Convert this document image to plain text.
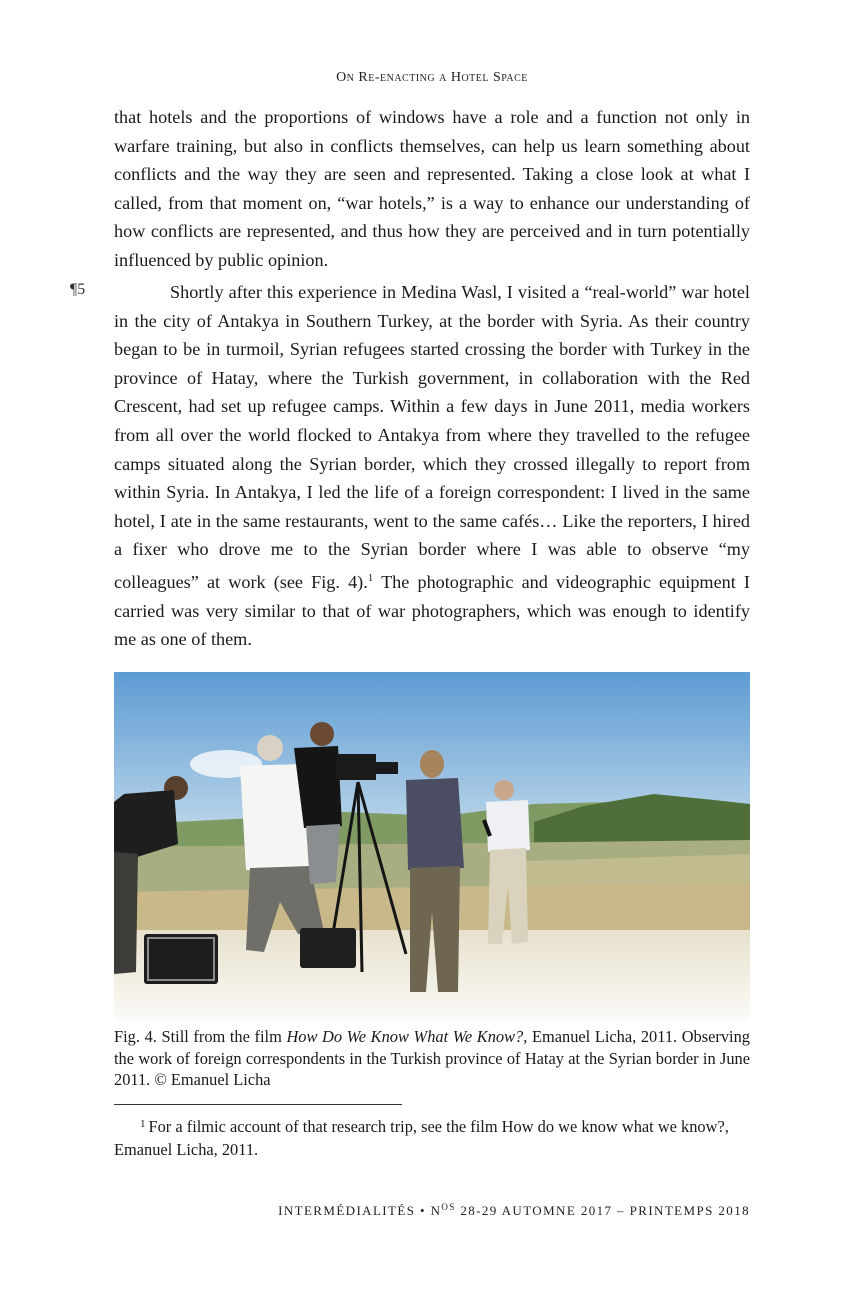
On Re-enacting a Hotel Space

that hotels and the proportions of windows have a role and a function not only in warfare training, but also in conflicts themselves, can help us learn something about conflicts and the way they are seen and represented. Taking a close look at what I called, from that moment on, “war hotels,” is a way to enhance our understanding of how conflicts are represented, and thus how they are perceived and in turn potentially influenced by public opinion.

¶5	Shortly after this experience in Medina Wasl, I visited a “real-world” war hotel in the city of Antakya in Southern Turkey, at the border with Syria. As their country began to be in turmoil, Syrian refugees started crossing the border with Turkey in the province of Hatay, where the Turkish government, in collaboration with the Red Crescent, had set up refugee camps. Within a few days in June 2011, media workers from all over the world flocked to Antakya from where they travelled to the refugee camps situated along the Syrian border, which they crossed illegally to report from within Syria. In Antakya, I led the life of a foreign correspondent: I lived in the same hotel, I ate in the same restaurants, went to the same cafés… Like the reporters, I hired a fixer who drove me to the Syrian border where I was able to observe “my colleagues” at work (see Fig. 4).$^1$ The photographic and videographic equipment I carried was very similar to that of war photographers, which was enough to identify me as one of them.

Fig. 4. Still from the film How Do We Know What We Know?, Emanuel Licha, 2011. Observing the work of foreign correspondents in the Turkish province of Hatay at the Syrian border in June 2011. © Emanuel Licha

$^1$ For a filmic account of that research trip, see the film How do we know what we know?, Emanuel Licha, 2011.

INTERMÉDIALITÉS • $N^{OS}$ 28-29 AUTOMNE 2017 – PRINTEMPS 2018
